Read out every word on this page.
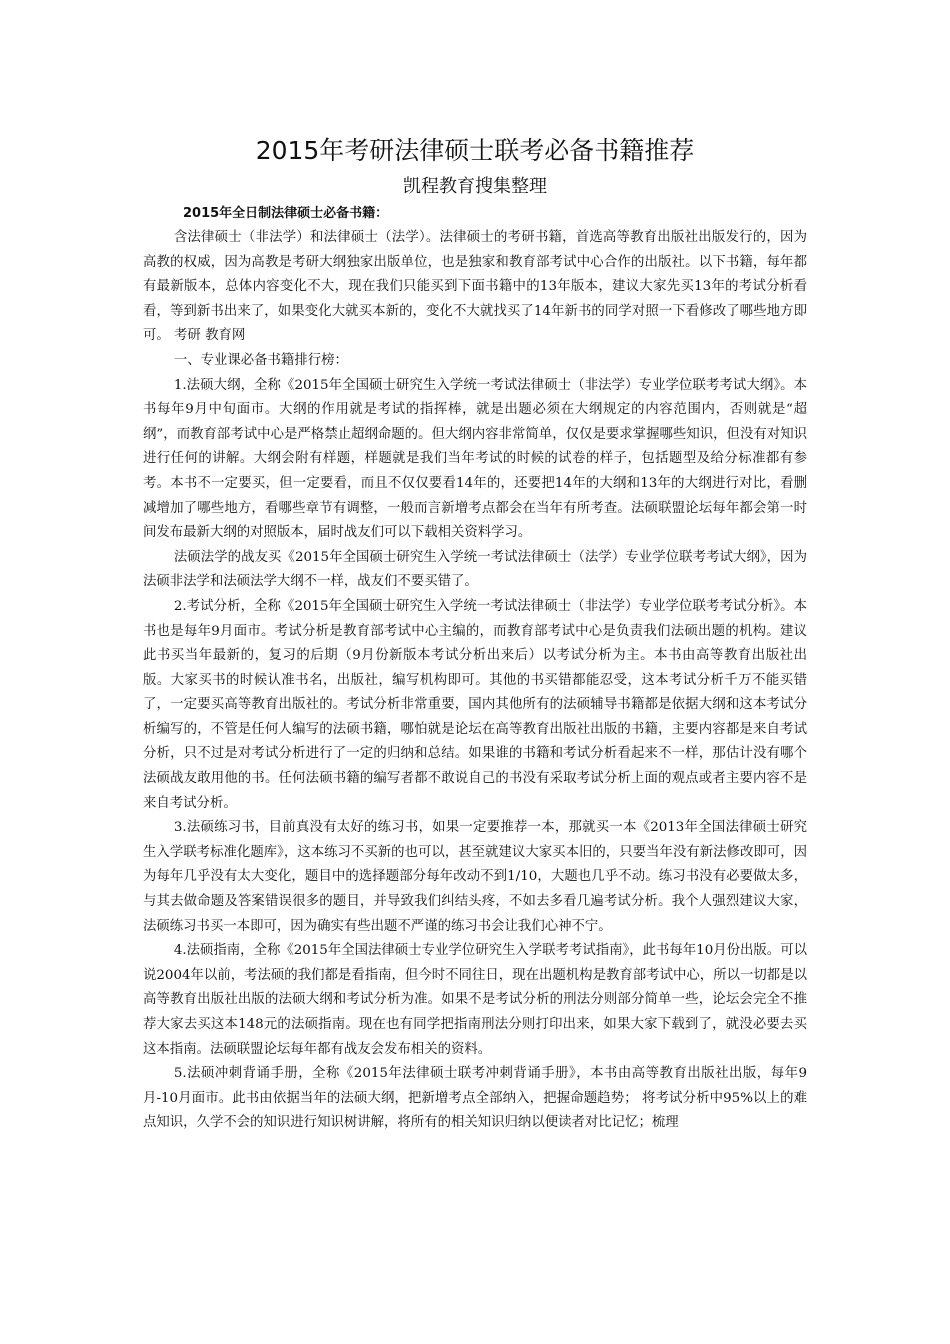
2015年考研法律硕士联考必备书籍推荐
凯程教育搜集整理
2015年全日制法律硕士必备书籍：

含法律硕士（非法学）和法律硕士（法学）。法律硕士的考研书籍，首选高等教育出版社出版发行的，因为高教的权威，因为高教是考研大纲独家出版单位，也是独家和教育部考试中心合作的出版社。以下书籍，每年都有最新版本，总体内容变化不大，现在我们只能买到下面书籍中的13年版本，建议大家先买13年的考试分析看看，等到新书出来了，如果变化大就买本新的，变化不大就找买了14年新书的同学对照一下看修改了哪些地方即可。 考研 教育网

一、专业课必备书籍排行榜：

1.法硕大纲，全称《2015年全国硕士研究生入学统一考试法律硕士（非法学）专业学位联考考试大纲》。本书每年9月中旬面市。大纲的作用就是考试的指挥棒，就是出题必须在大纲规定的内容范围内，否则就是“超纲”，而教育部考试中心是严格禁止超纲命题的。但大纲内容非常简单，仅仅是要求掌握哪些知识，但没有对知识进行任何的讲解。大纲会附有样题，样题就是我们当年考试的时候的试卷的样子，包括题型及给分标准都有参考。本书不一定要买，但一定要看，而且不仅仅要看14年的，还要把14年的大纲和13年的大纲进行对比，看删减增加了哪些地方，看哪些章节有调整，一般而言新增考点都会在当年有所考查。法硕联盟论坛每年都会第一时间发布最新大纲的对照版本，届时战友们可以下载相关资料学习。

法硕法学的战友买《2015年全国硕士研究生入学统一考试法律硕士（法学）专业学位联考考试大纲》，因为法硕非法学和法硕法学大纲不一样，战友们不要买错了。

2.考试分析，全称《2015年全国硕士研究生入学统一考试法律硕士（非法学）专业学位联考考试分析》。本书也是每年9月面市。考试分析是教育部考试中心主编的，而教育部考试中心是负责我们法硕出题的机构。建议此书买当年最新的，复习的后期（9月份新版本考试分析出来后）以考试分析为主。本书由高等教育出版社出版。大家买书的时候认准书名，出版社，编写机构即可。其他的书买错都能忍受，这本考试分析千万不能买错了，一定要买高等教育出版社的。考试分析非常重要，国内其他所有的法硕辅导书籍都是依据大纲和这本考试分析编写的，不管是任何人编写的法硕书籍，哪怕就是论坛在高等教育出版社出版的书籍，主要内容都是来自考试分析，只不过是对考试分析进行了一定的归纳和总结。如果谁的书籍和考试分析看起来不一样，那估计没有哪个法硕战友敢用他的书。任何法硕书籍的编写者都不敢说自己的书没有采取考试分析上面的观点或者主要内容不是来自考试分析。

3.法硕练习书，目前真没有太好的练习书，如果一定要推荐一本，那就买一本《2013年全国法律硕士研究生入学联考标准化题库》，这本练习不买新的也可以，甚至就建议大家买本旧的，只要当年没有新法修改即可，因为每年几乎没有太大变化，题目中的选择题部分每年改动不到1/10，大题也几乎不动。练习书没有必要做太多，与其去做命题及答案错误很多的题目，并导致我们纠结头疼，不如去多看几遍考试分析。我个人强烈建议大家，法硕练习书买一本即可，因为确实有些出题不严谨的练习书会让我们心神不宁。

4.法硕指南，全称《2015年全国法律硕士专业学位研究生入学联考考试指南》，此书每年10月份出版。可以说2004年以前，考法硕的我们都是看指南，但今时不同往日，现在出题机构是教育部考试中心，所以一切都是以高等教育出版社出版的法硕大纲和考试分析为准。如果不是考试分析的刑法分则部分简单一些，论坛会完全不推荐大家去买这本148元的法硕指南。现在也有同学把指南刑法分则打印出来，如果大家下载到了，就没必要去买这本指南。法硕联盟论坛每年都有战友会发布相关的资料。

5.法硕冲刺背诵手册，全称《2015年法律硕士联考冲刺背诵手册》，本书由高等教育出版社出版，每年9月-10月面市。此书由依据当年的法硕大纲，把新增考点全部纳入，把握命题趋势； 将考试分析中95%以上的难点知识，久学不会的知识进行知识树讲解，将所有的相关知识归纳以便读者对比记忆；梳理
